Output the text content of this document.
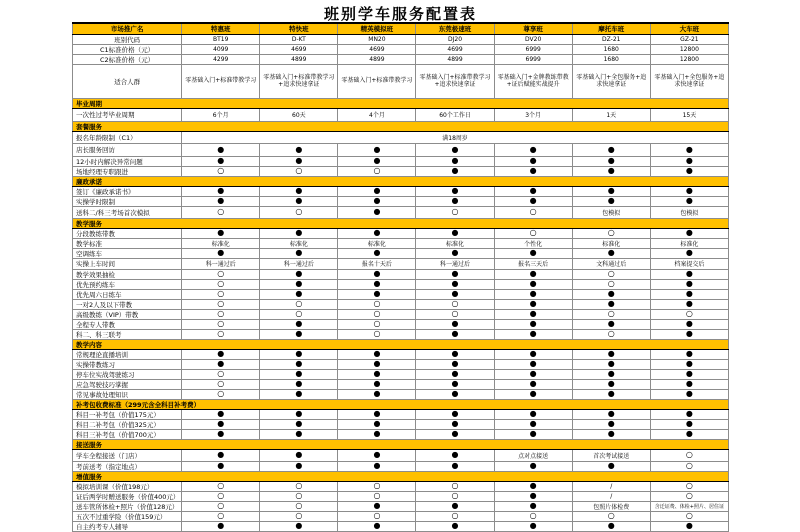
班别学车服务配置表
市场推广名	特惠班	特快班	精英模拟班	东莞极速班	尊享班	摩托车班	大车班
班别代码	BT19	D-KT	MN20	DJ20	DV20	DZ-21	GZ-21
C1标准价格（元）	4099	4699	4699	4699	6999	1680	12800
C2标准价格（元）	4299	4899	4899	4899	6999	1680	12800
适合人群	零基础入门+标准带教学习	零基础入门+标准带教学习+追求快速拿证	零基础入门+标准带教学习	零基础入门+标准带教学习+追求快速拿证	零基础入门+金牌教练带教+证后赋能实战提升	零基础入门+全包服务+追求快速拿证	零基础入门+全包服务+追求快速拿证
毕业周期							
一次性过考毕业周期	6个月	60天	4个月	60个工作日	3个月	1天	15天
套餐服务							
报名年龄限制（C1）	满18周岁						
店长服务回访	●	●	●	●	●	●	●
12小时内解决异常问题	●	●	●	●	●	●	●
场地经理专职跟进	○	○	○	●	●	●	●
廉政承诺							
签订《廉政承诺书》	●	●	●	●	●	●	●
实操学时限制	●	●	●	●	●	●	●
送科二/科三考场首次模拟	○	○	●	○	○	包模拟	包模拟
教学服务							
分段教练带教	●	●	●	●	○	○	●
教学标准	标准化	标准化	标准化	标准化	个性化	标准化	标准化
空调练车	●	●	●	●	●	●	●
实操上车时间	科一通过后	科一通过后	报名十天后	科一通过后	报名三天后	文科通过后	档案提交后
教学效果抽检	○	●	●	●	●	○	●
优先预约练车	○	●	●	●	●	○	●
优先周六日练车	○	●	●	●	●	●	●
一对2人及以下带教	○	○	○	○	●	●	●
高级教练（VIP）带教	○	○	○	○	●	○	○
全程专人带教	○	●	○	●	●	●	●
科二、科三联考	○	●	○	●	●	○	●
教学内容							
常规理论直播培训	●	●	●	●	●	●	●
实操带教练习	●	●	●	●	●	●	●
停车位实战驾驶练习	○	●	●	●	●	●	●
应急驾驶技巧掌握	○	●	●	●	●	●	●
常见事故处理知识	○	●	●	●	●	●	●
补考包收费标准（299元含全科目补考费）							
科目一补考包（价值175元）	●	●	●	●	●	●	●
科目二补考包（价值325元）	●	●	●	●	●	●	●
科目三补考包（价值700元）	●	●	●	●	●	●	●
接送服务							
学车全程接送（门店）	●	●	●	●	点对点接送	首次考试接送	○
考前送考（指定地点）	●	●	●	●	●	●	○
增值服务							
模拟培训课（价值198元）	○	○	○	○	●	/	○
证后两学时赠送服务（价值400元）	○	○	○	○	●	/	○
送车管所体检+照片（价值128元）	○	○	●	●	●	包照片体检费	含迁证费、体检+照片、居住证
五次不过重学险（价值159元）	○	○	○	○	○	○	○
自主约考专人辅导	●	●	●	●	●	●	●
